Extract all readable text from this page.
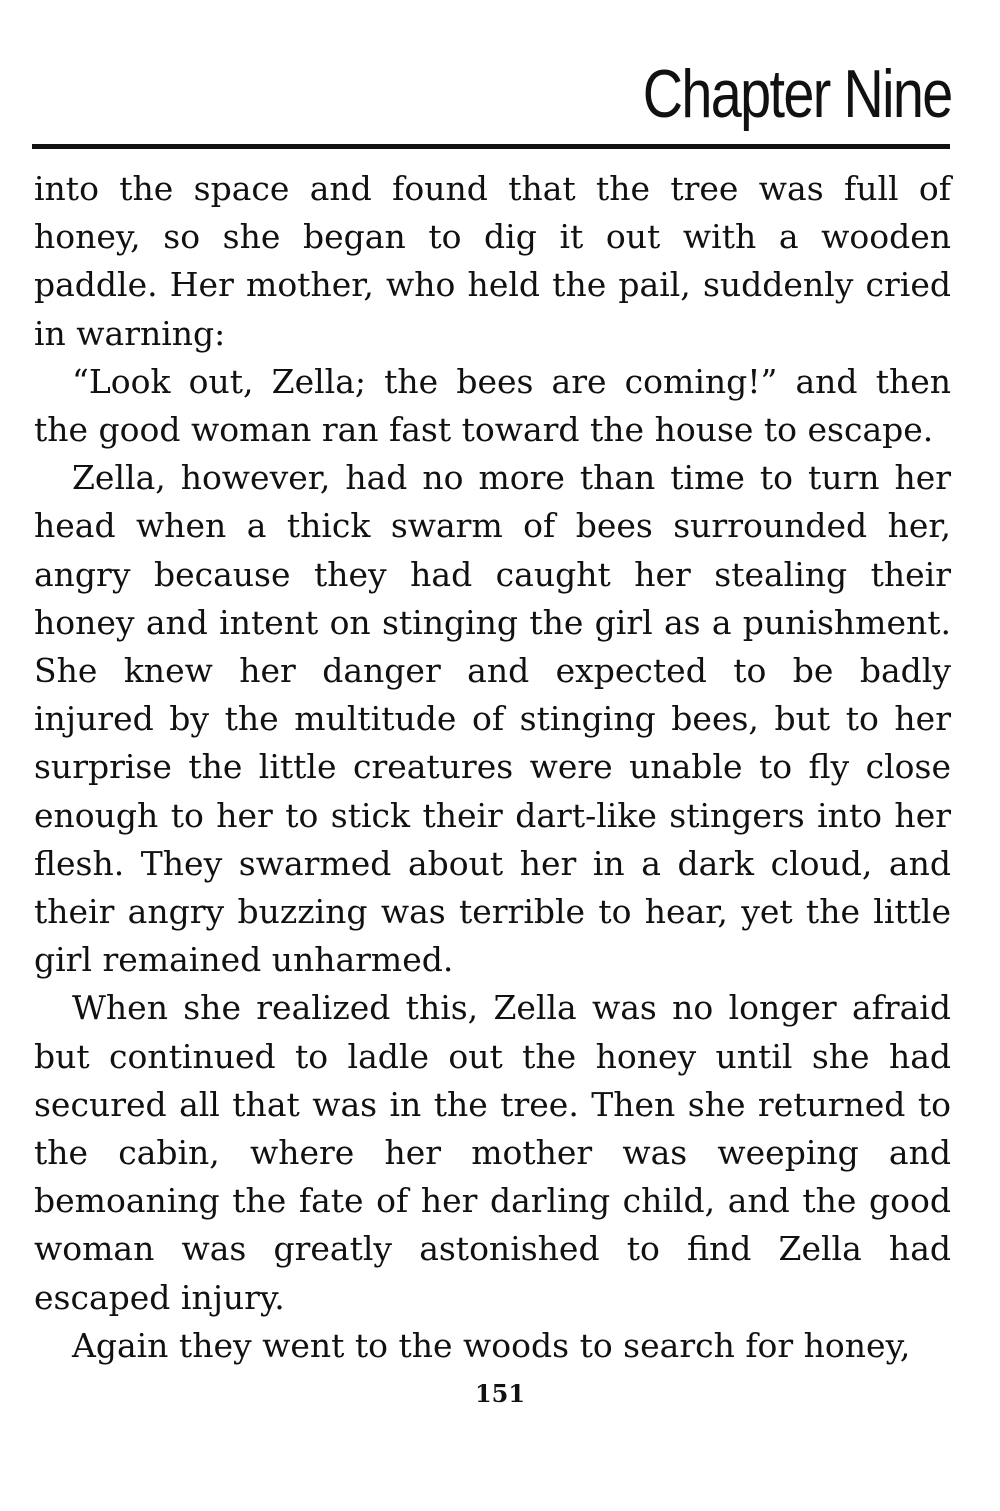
Chapter Nine

into the space and found that the tree was full of honey, so she began to dig it out with a wooden paddle. Her mother, who held the pail, suddenly cried in warning:

“Look out, Zella; the bees are coming!” and then the good woman ran fast toward the house to escape.

Zella, however, had no more than time to turn her head when a thick swarm of bees surrounded her, angry because they had caught her stealing their honey and intent on stinging the girl as a punishment. She knew her danger and expected to be badly injured by the multitude of stinging bees, but to her surprise the little creatures were unable to fly close enough to her to stick their dart-like stingers into her flesh. They swarmed about her in a dark cloud, and their angry buzzing was terrible to hear, yet the little girl remained unharmed.

When she realized this, Zella was no longer afraid but continued to ladle out the honey until she had secured all that was in the tree. Then she returned to the cabin, where her mother was weeping and bemoaning the fate of her darling child, and the good woman was greatly astonished to find Zella had escaped injury.

Again they went to the woods to search for honey,

151
